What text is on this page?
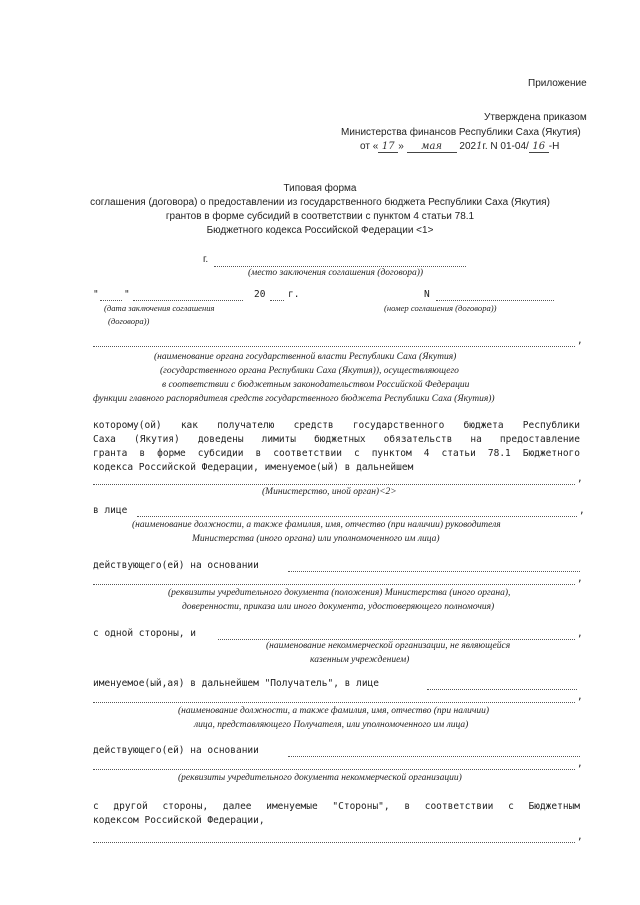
Приложение
Утверждена приказом
Министерства финансов Республики Саха (Якутия)
от « 17 » мая 2021г. N 01-04/ 16 -Н
Типовая форма
соглашения (договора) о предоставлении из государственного бюджета Республики Саха (Якутия)
грантов в форме субсидий в соответствии с пунктом 4 статьи 78.1
Бюджетного кодекса Российской Федерации <1>
г.
(место заключения соглашения (договора))
"	"	20 г.
(дата заключения соглашения
(договора))
N
(номер соглашения (договора))
,
(наименование органа государственной власти Республики Саха (Якутия)
(государственного органа Республики Саха (Якутия)), осуществляющего
в соответствии с бюджетным законодательством Российской Федерации
функции главного распорядителя средств государственного бюджета Республики Саха (Якутия))
которому(ой) как получателю средств государственного бюджета Республики
Саха (Якутия) доведены лимиты бюджетных обязательств на предоставление
гранта в форме субсидии в соответствии с пунктом 4 статьи 78.1 Бюджетного
кодекса Российской Федерации, именуемое(ый) в дальнейшем
,
(Министерство, иной орган)<2>
в лице	,
(наименование должности, а также фамилия, имя, отчество (при наличии) руководителя
Министерства (иного органа) или уполномоченного им лица)
действующего(ей) на основании
,
(реквизиты учредительного документа (положения) Министерства (иного органа),
доверенности, приказа или иного документа, удостоверяющего полномочия)
с одной стороны, и	,
(наименование некоммерческой организации, не являющейся
казенным учреждением)
именуемое(ый,ая) в дальнейшем "Получатель", в лице
,
(наименование должности, а также фамилия, имя, отчество (при наличии)
лица, представляющего Получателя, или уполномоченного им лица)
действующего(ей) на основании
,
(реквизиты учредительного документа некоммерческой организации)
с другой стороны, далее именуемые "Стороны", в соответствии с Бюджетным
кодексом Российской Федерации,
,
